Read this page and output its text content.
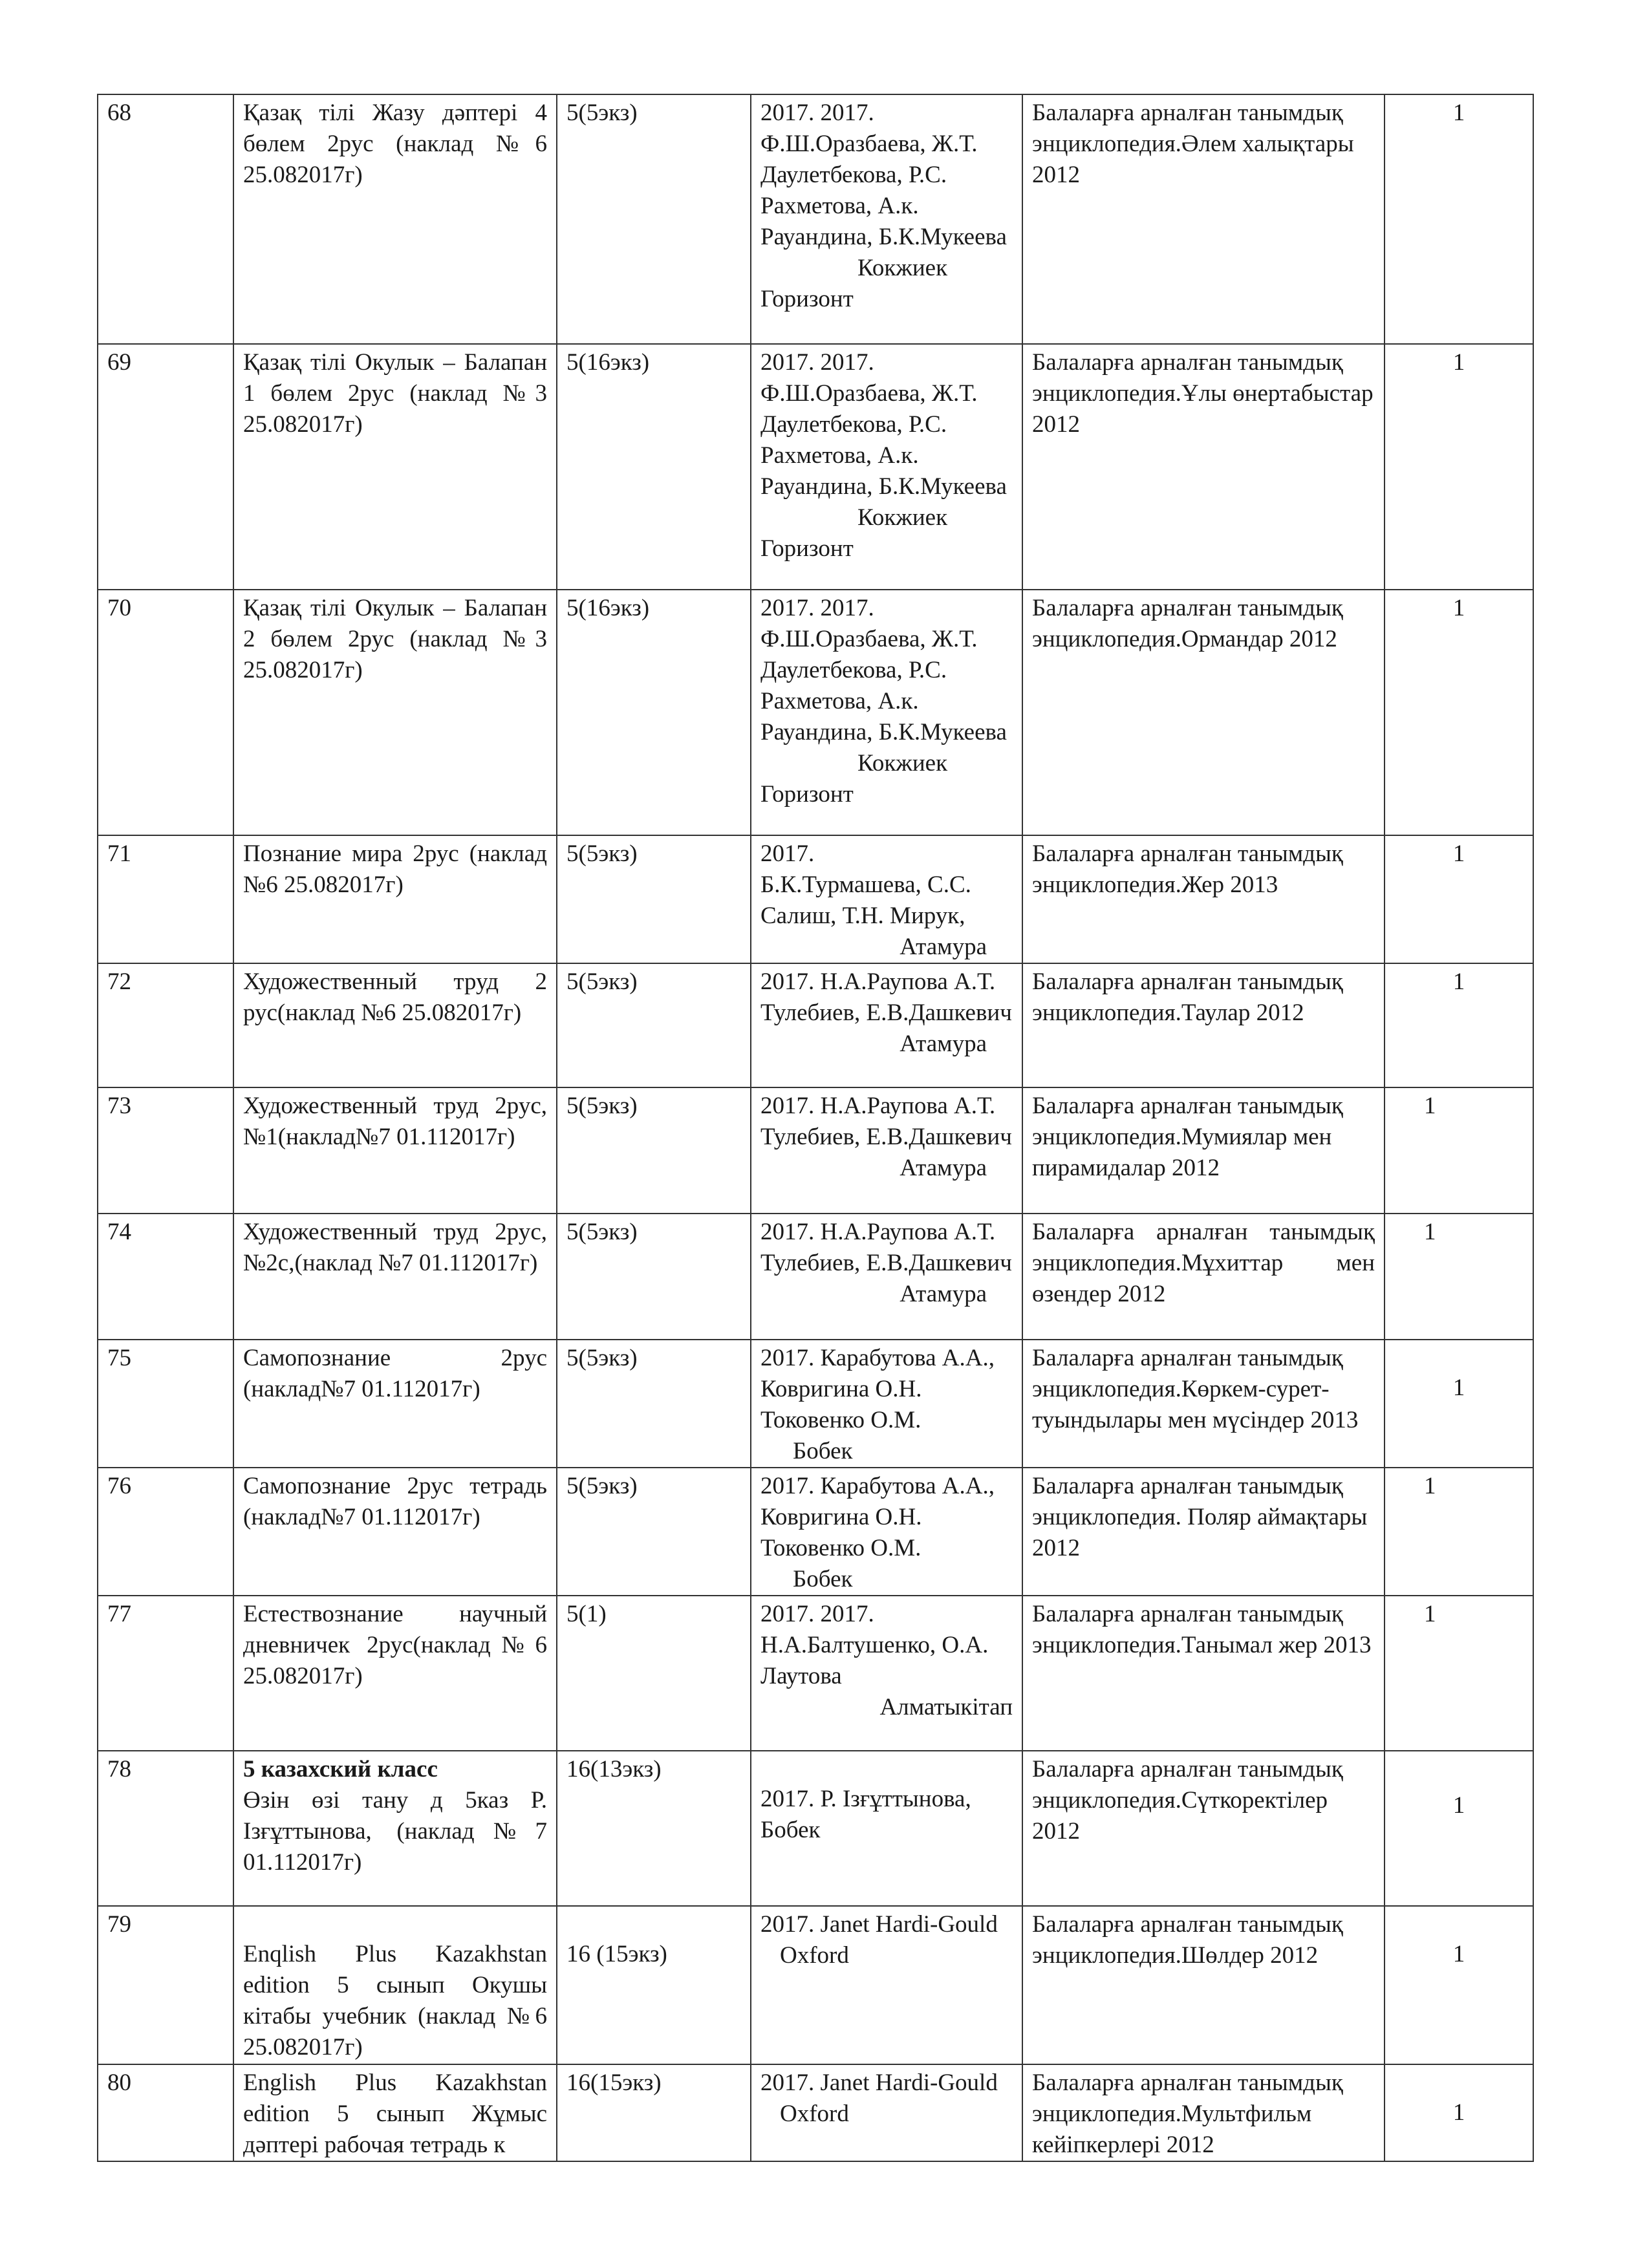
68	Қазақ тілі Жазу дәптері 4 бөлем 2рус (наклад №6 25.082017г)	5(5экз)	2017. 2017.
Ф.Ш.Оразбаева, Ж.Т. Даулетбекова, Р.С. Рахметова, А.к. Рауандина, Б.К.Мукеева
Кокжиек Горизонт	Балаларға арналған танымдық энциклопедия.Әлем халықтары 2012	1
69	Қазақ тілі Окулык – Балапан 1 бөлем 2рус (наклад №3 25.082017г)	5(16экз)	2017. 2017.
Ф.Ш.Оразбаева, Ж.Т. Даулетбекова, Р.С. Рахметова, А.к. Рауандина, Б.К.Мукеева
Кокжиек Горизонт	Балаларға арналған танымдық энциклопедия.Ұлы өнертабыстар 2012	1
70	Қазақ тілі Окулык – Балапан 2 бөлем 2рус (наклад №3 25.082017г)	5(16экз)	2017. 2017.
Ф.Ш.Оразбаева, Ж.Т. Даулетбекова, Р.С. Рахметова, А.к. Рауандина, Б.К.Мукеева
Кокжиек Горизонт	Балаларға арналған танымдық энциклопедия.Ормандар 2012	1
71	Познание мира 2рус (наклад №6 25.082017г)	5(5экз)	2017.
Б.К.Турмашева, С.С. Салиш, Т.Н. Мирук,
Атамура	Балаларға арналған танымдық энциклопедия.Жер 2013	1
72	Художественный труд 2 рус(наклад №6 25.082017г)	5(5экз)	2017. Н.А.Раупова А.Т. Тулебиев, Е.В.Дашкевич
Атамура	Балаларға арналған танымдық энциклопедия.Таулар 2012	1
73	Художественный труд 2рус,№1(наклад№7 01.112017г)	5(5экз)	2017. Н.А.Раупова А.Т. Тулебиев, Е.В.Дашкевич
Атамура	Балаларға арналған танымдық энциклопедия.Мумиялар мен пирамидалар 2012	1
74	Художественный труд 2рус,№2с,(наклад №7 01.112017г)	5(5экз)	2017. Н.А.Раупова А.Т. Тулебиев, Е.В.Дашкевич
Атамура	Балаларға арналған танымдық энциклопедия.Мұхиттар мен өзендер 2012	1
75	Самопознание 2рус (наклад№7 01.112017г)	5(5экз)	2017. Карабутова А.А., Ковригина О.Н. Токовенко О.М. Бобек	Балаларға арналған танымдық энциклопедия.Көркем-сурет-туындылары мен мүсіндер 2013	1
76	Самопознание 2рус тетрадь (наклад№7 01.112017г)	5(5экз)	2017. Карабутова А.А., Ковригина О.Н. Токовенко О.М. Бобек	Балаларға арналған танымдық энциклопедия. Поляр аймақтары 2012	1
77	Естествознание научный дневничек 2рус(наклад№6 25.082017г)	5(1)	2017. 2017.
Н.А.Балтушенко, О.А. Лаутова
Алматыкітап	Балаларға арналған танымдық энциклопедия.Танымал жер 2013	1
78	5 казахский класс
Өзін өзі тану д 5каз Р. Ізғұттынова, (наклад№7 01.112017г)	16(13экз)	2017. Р. Ізғұттынова, Бобек	Балаларға арналған танымдық энциклопедия.Сүткоректілер 2012	1
79	Enqlish Plus Kazakhstan edition 5 сынып Окушы кітабы учебник (наклад №6 25.082017г)	16 (15экз)	2017. Janet Hardi-Gould Oxford	Балаларға арналған танымдық энциклопедия.Шөлдер 2012	1
80	English Plus Kazakhstan edition 5 сынып Жұмыс дәптері рабочая тетрадь к	16(15экз)	2017. Janet Hardi-Gould Oxford	Балаларға арналған танымдық энциклопедия.Мультфильм кейіпкерлері 2012	1
